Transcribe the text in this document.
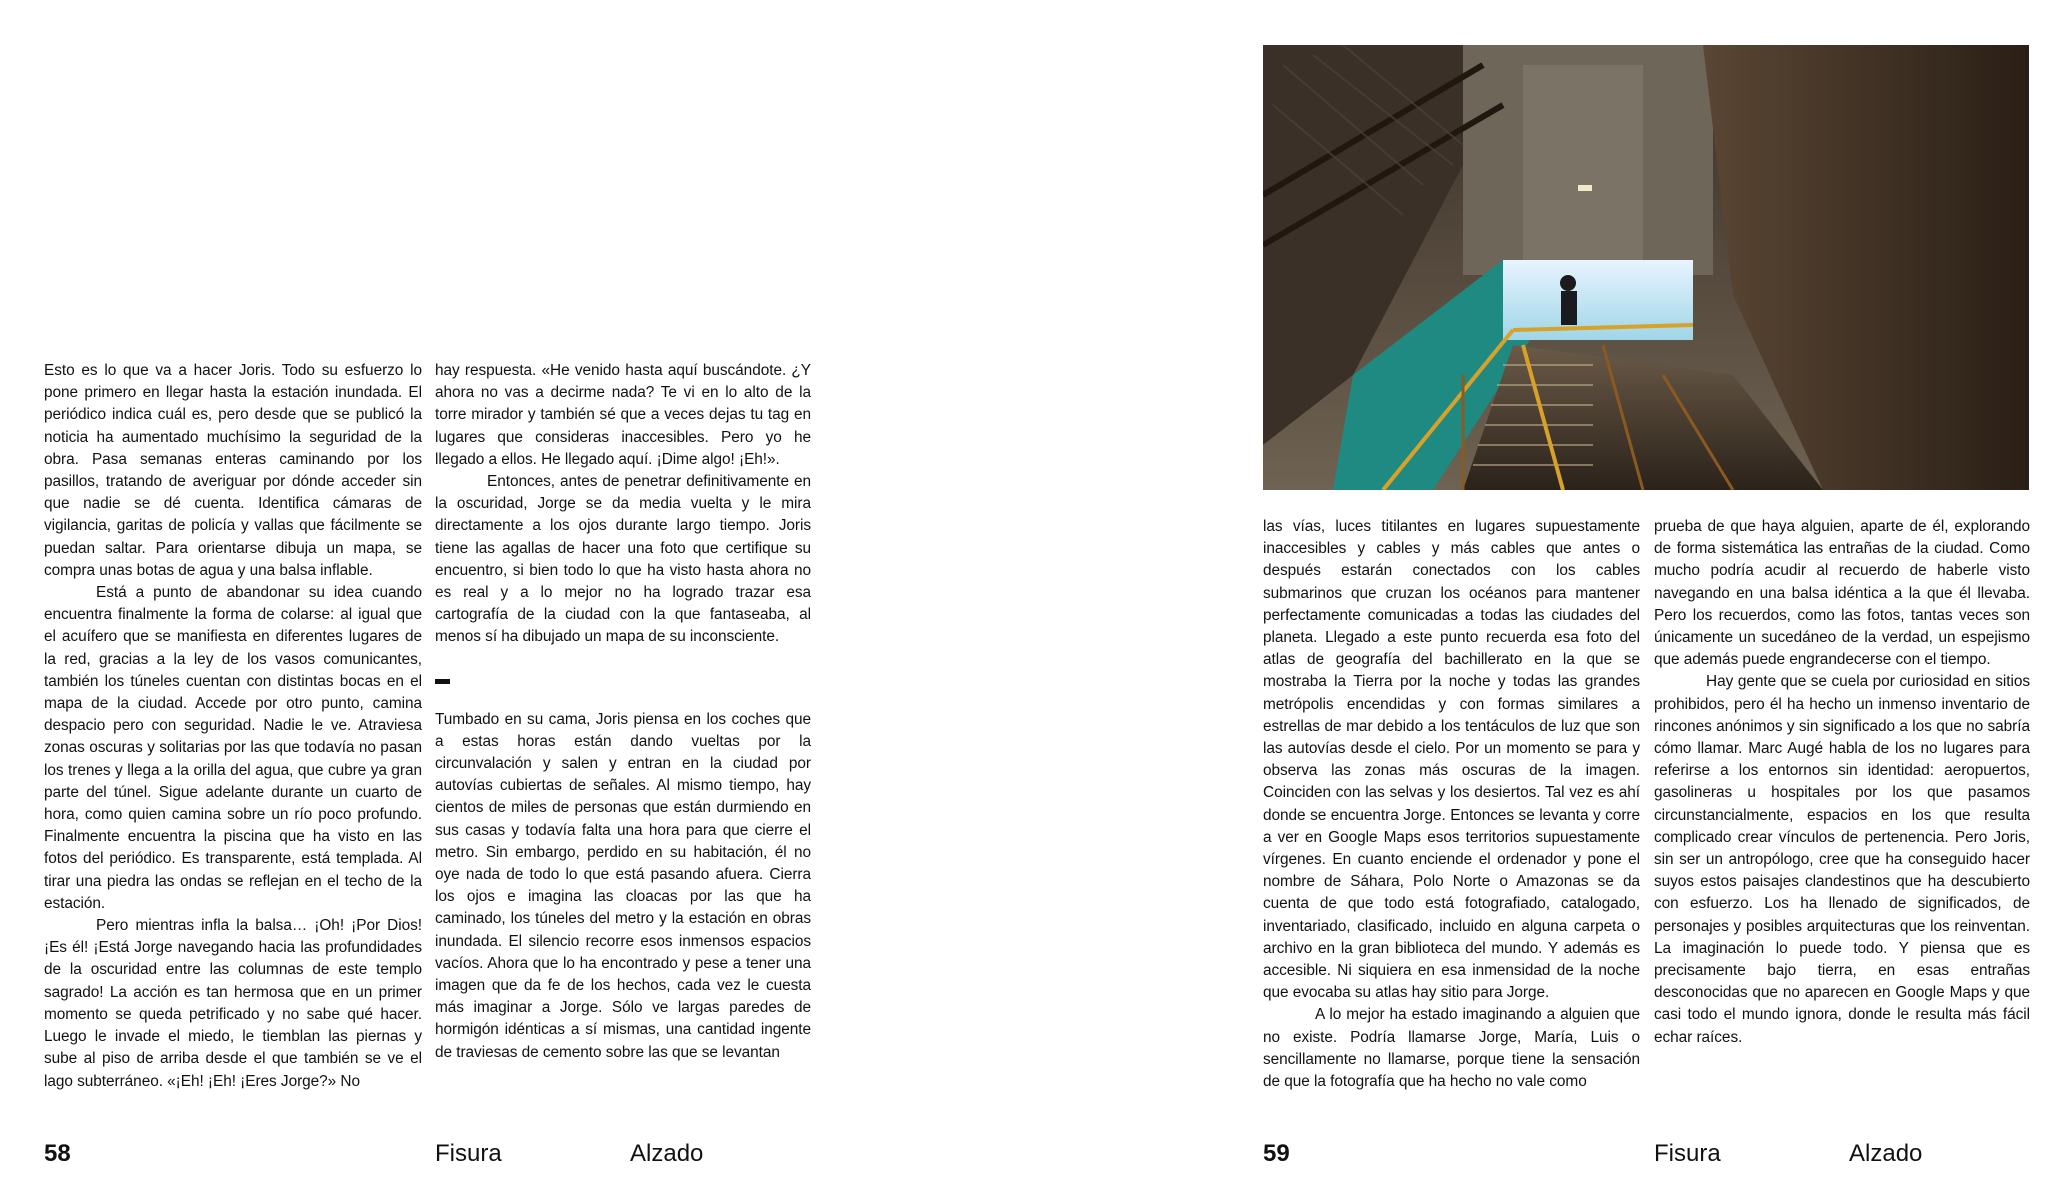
Esto es lo que va a hacer Joris. Todo su esfuerzo lo pone primero en llegar hasta la estación inundada. El periódico indica cuál es, pero desde que se publicó la noticia ha aumentado muchísimo la seguridad de la obra. Pasa semanas enteras caminando por los pasillos, tratando de averiguar por dónde acceder sin que nadie se dé cuenta. Identifica cámaras de vigilancia, garitas de policía y vallas que fácilmente se puedan saltar. Para orientarse dibuja un mapa, se compra unas botas de agua y una balsa inflable.

Está a punto de abandonar su idea cuando encuentra finalmente la forma de colarse: al igual que el acuífero que se manifiesta en diferentes lugares de la red, gracias a la ley de los vasos comunicantes, también los túneles cuentan con distintas bocas en el mapa de la ciudad. Accede por otro punto, camina despacio pero con seguridad. Nadie le ve. Atraviesa zonas oscuras y solitarias por las que todavía no pasan los trenes y llega a la orilla del agua, que cubre ya gran parte del túnel. Sigue adelante durante un cuarto de hora, como quien camina sobre un río poco profundo. Finalmente encuentra la piscina que ha visto en las fotos del periódico. Es transparente, está templada. Al tirar una piedra las ondas se reflejan en el techo de la estación.

Pero mientras infla la balsa… ¡Oh! ¡Por Dios! ¡Es él! ¡Está Jorge navegando hacia las profundidades de la oscuridad entre las columnas de este templo sagrado! La acción es tan hermosa que en un primer momento se queda petrificado y no sabe qué hacer. Luego le invade el miedo, le tiemblan las piernas y sube al piso de arriba desde el que también se ve el lago subterráneo. «¡Eh! ¡Eh! ¡Eres Jorge?» No

hay respuesta. «He venido hasta aquí buscándote. ¿Y ahora no vas a decirme nada? Te vi en lo alto de la torre mirador y también sé que a veces dejas tu tag en lugares que consideras inaccesibles. Pero yo he llegado a ellos. He llegado aquí. ¡Dime algo! ¡Eh!».

Entonces, antes de penetrar definitivamente en la oscuridad, Jorge se da media vuelta y le mira directamente a los ojos durante largo tiempo. Joris tiene las agallas de hacer una foto que certifique su encuentro, si bien todo lo que ha visto hasta ahora no es real y a lo mejor no ha logrado trazar esa cartografía de la ciudad con la que fantaseaba, al menos sí ha dibujado un mapa de su inconsciente.

Tumbado en su cama, Joris piensa en los coches que a estas horas están dando vueltas por la circunvalación y salen y entran en la ciudad por autovías cubiertas de señales. Al mismo tiempo, hay cientos de miles de personas que están durmiendo en sus casas y todavía falta una hora para que cierre el metro. Sin embargo, perdido en su habitación, él no oye nada de todo lo que está pasando afuera. Cierra los ojos e imagina las cloacas por las que ha caminado, los túneles del metro y la estación en obras inundada. El silencio recorre esos inmensos espacios vacíos. Ahora que lo ha encontrado y pese a tener una imagen que da fe de los hechos, cada vez le cuesta más imaginar a Jorge. Sólo ve largas paredes de hormigón idénticas a sí mismas, una cantidad ingente de traviesas de cemento sobre las que se levantan

58	Fisura	Alzado

las vías, luces titilantes en lugares supuestamente inaccesibles y cables y más cables que antes o después estarán conectados con los cables submarinos que cruzan los océanos para mantener perfectamente comunicadas a todas las ciudades del planeta. Llegado a este punto recuerda esa foto del atlas de geografía del bachillerato en la que se mostraba la Tierra por la noche y todas las grandes metrópolis encendidas y con formas similares a estrellas de mar debido a los tentáculos de luz que son las autovías desde el cielo. Por un momento se para y observa las zonas más oscuras de la imagen. Coinciden con las selvas y los desiertos. Tal vez es ahí donde se encuentra Jorge. Entonces se levanta y corre a ver en Google Maps esos territorios supuestamente vírgenes. En cuanto enciende el ordenador y pone el nombre de Sáhara, Polo Norte o Amazonas se da cuenta de que todo está fotografiado, catalogado, inventariado, clasificado, incluido en alguna carpeta o archivo en la gran biblioteca del mundo. Y además es accesible. Ni siquiera en esa inmensidad de la noche que evocaba su atlas hay sitio para Jorge.

A lo mejor ha estado imaginando a alguien que no existe. Podría llamarse Jorge, María, Luis o sencillamente no llamarse, porque tiene la sensación de que la fotografía que ha hecho no vale como

prueba de que haya alguien, aparte de él, explorando de forma sistemática las entrañas de la ciudad. Como mucho podría acudir al recuerdo de haberle visto navegando en una balsa idéntica a la que él llevaba. Pero los recuerdos, como las fotos, tantas veces son únicamente un sucedáneo de la verdad, un espejismo que además puede engrandecerse con el tiempo.

Hay gente que se cuela por curiosidad en sitios prohibidos, pero él ha hecho un inmenso inventario de rincones anónimos y sin significado a los que no sabría cómo llamar. Marc Augé habla de los no lugares para referirse a los entornos sin identidad: aeropuertos, gasolineras u hospitales por los que pasamos circunstancialmente, espacios en los que resulta complicado crear vínculos de pertenencia. Pero Joris, sin ser un antropólogo, cree que ha conseguido hacer suyos estos paisajes clandestinos que ha descubierto con esfuerzo. Los ha llenado de significados, de personajes y posibles arquitecturas que los reinventan. La imaginación lo puede todo. Y piensa que es precisamente bajo tierra, en esas entrañas desconocidas que no aparecen en Google Maps y que casi todo el mundo ignora, donde le resulta más fácil echar raíces.

59	Fisura	Alzado
